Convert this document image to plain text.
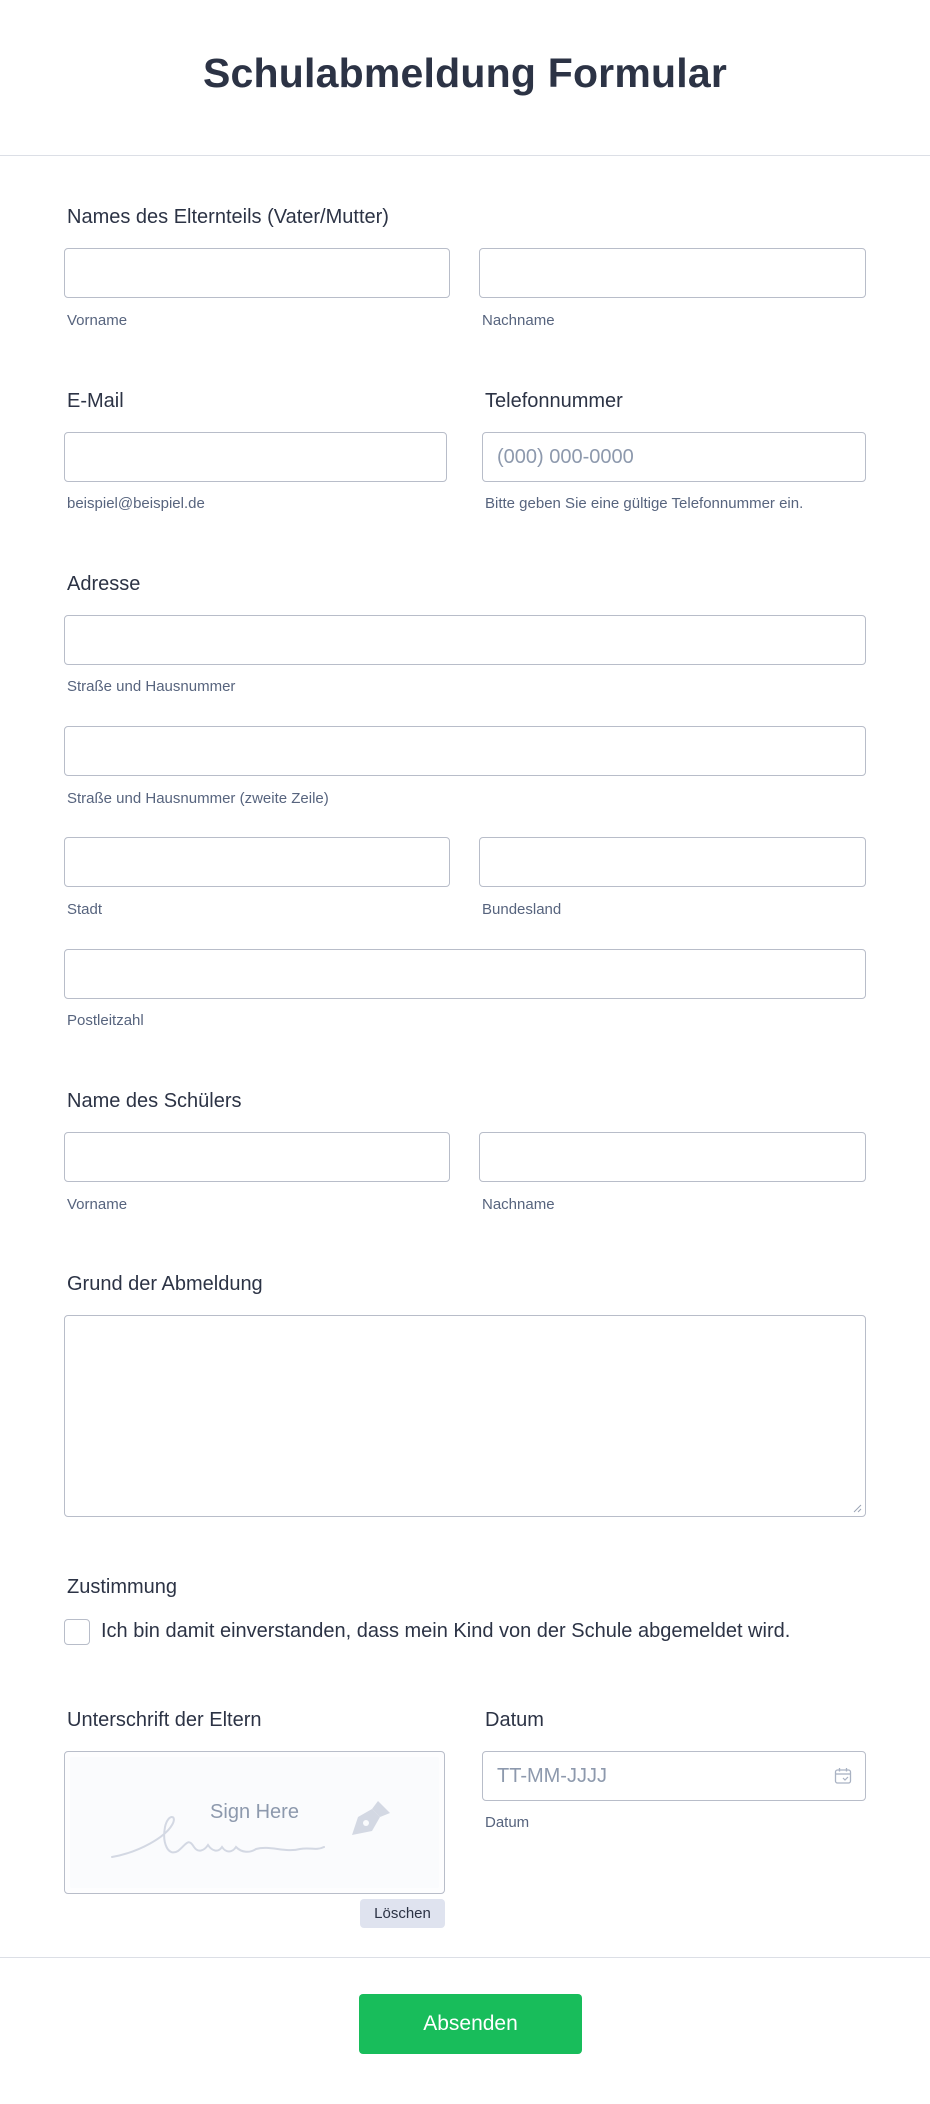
Schulabmeldung Formular
Names des Elternteils (Vater/Mutter)
Vorname	Nachname
E-Mail
beispiel@beispiel.de
Telefonnummer
(000) 000-0000
Bitte geben Sie eine gültige Telefonnummer ein.
Adresse
Straße und Hausnummer
Straße und Hausnummer (zweite Zeile)
Stadt	Bundesland
Postleitzahl
Name des Schülers
Vorname	Nachname
Grund der Abmeldung
Zustimmung
Ich bin damit einverstanden, dass mein Kind von der Schule abgemeldet wird.
Unterschrift der Eltern
Sign Here
Löschen
Datum
TT-MM-JJJJ
Datum
Absenden
